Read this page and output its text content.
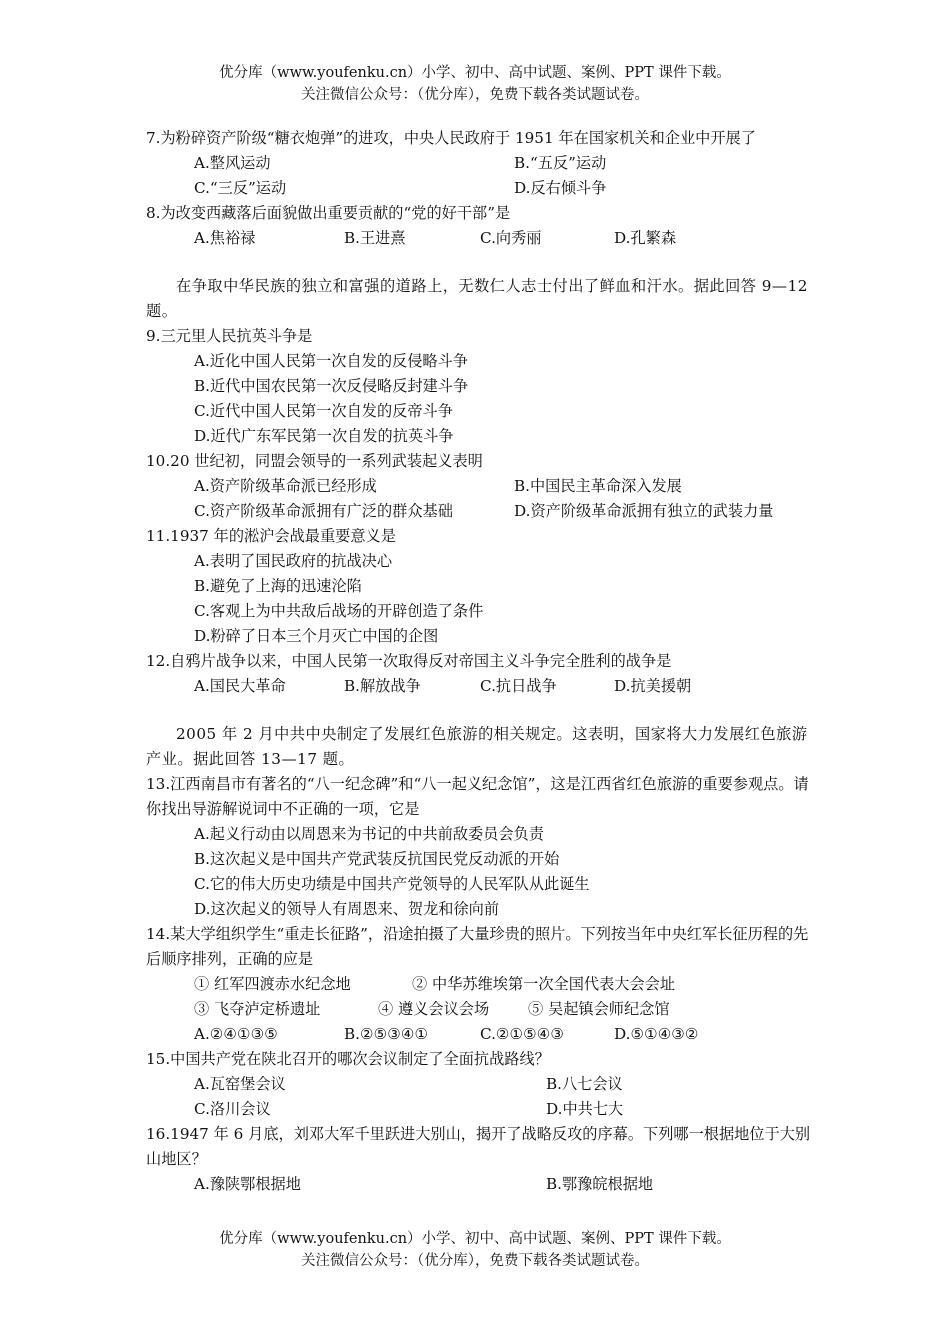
优分库（www.youfenku.cn）小学、初中、高中试题、案例、PPT 课件下载。
关注微信公众号：（优分库），免费下载各类试题试卷。
7.为粉碎资产阶级“糖衣炮弹”的进攻，中央人民政府于 1951 年在国家机关和企业中开展了
A.整风运动	B.“五反”运动
C.“三反”运动	D.反右倾斗争
8.为改变西藏落后面貌做出重要贡献的“党的好干部”是
A.焦裕禄	B.王进熹	C.向秀丽	D.孔繁森
在争取中华民族的独立和富强的道路上，无数仁人志士付出了鲜血和汗水。据此回答 9—12 题。
9.三元里人民抗英斗争是
A.近化中国人民第一次自发的反侵略斗争
B.近代中国农民第一次反侵略反封建斗争
C.近代中国人民第一次自发的反帝斗争
D.近代广东军民第一次自发的抗英斗争
10.20 世纪初，同盟会领导的一系列武装起义表明
A.资产阶级革命派已经形成	B.中国民主革命深入发展
C.资产阶级革命派拥有广泛的群众基础	D.资产阶级革命派拥有独立的武装力量
11.1937 年的淞沪会战最重要意义是
A.表明了国民政府的抗战决心
B.避免了上海的迅速沦陷
C.客观上为中共敌后战场的开辟创造了条件
D.粉碎了日本三个月灭亡中国的企图
12.自鸦片战争以来，中国人民第一次取得反对帝国主义斗争完全胜利的战争是
A.国民大革命	B.解放战争	C.抗日战争	D.抗美援朝
2005 年 2 月中共中央制定了发展红色旅游的相关规定。这表明，国家将大力发展红色旅游产业。据此回答 13—17 题。
13.江西南昌市有著名的“八一纪念碑”和“八一起义纪念馆”，这是江西省红色旅游的重要参观点。请你找出导游解说词中不正确的一项，它是
A.起义行动由以周恩来为书记的中共前敌委员会负责
B.这次起义是中国共产党武装反抗国民党反动派的开始
C.它的伟大历史功绩是中国共产党领导的人民军队从此诞生
D.这次起义的领导人有周恩来、贺龙和徐向前
14.某大学组织学生“重走长征路”，沿途拍摄了大量珍贵的照片。下列按当年中央红军长征历程的先后顺序排列，正确的应是
① 红军四渡赤水纪念地	② 中华苏维埃第一次全国代表大会会址
③ 飞夺泸定桥遗址	④ 遵义会议会场	⑤ 吴起镇会师纪念馆
A.②④①③⑤	B.②⑤③④①	C.②①⑤④③	D.⑤①④③②
15.中国共产党在陕北召开的哪次会议制定了全面抗战路线？
A.瓦窑堡会议	B.八七会议
C.洛川会议	D.中共七大
16.1947 年 6 月底，刘邓大军千里跃进大别山，揭开了战略反攻的序幕。下列哪一根据地位于大别山地区？
A.豫陕鄂根据地	B.鄂豫皖根据地
优分库（www.youfenku.cn）小学、初中、高中试题、案例、PPT 课件下载。
关注微信公众号：（优分库），免费下载各类试题试卷。
